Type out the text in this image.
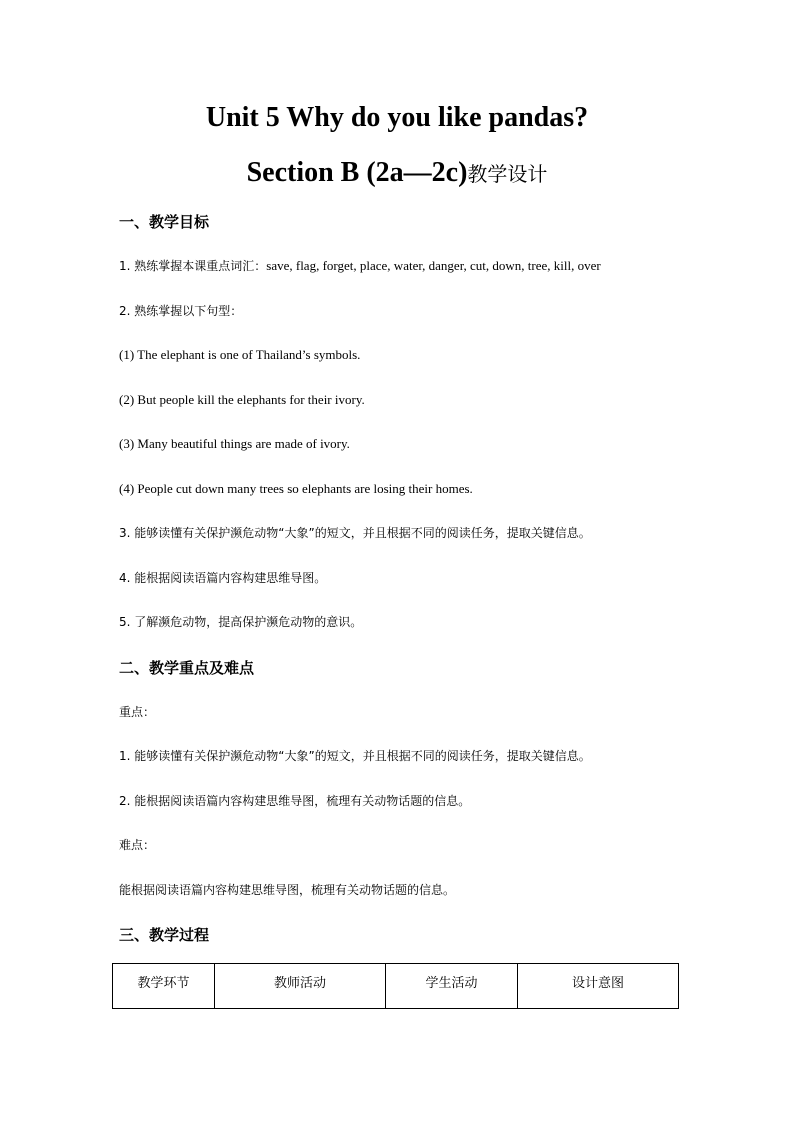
Unit 5 Why do you like pandas?
Section B (2a—2c)教学设计
一、教学目标
1. 熟练掌握本课重点词汇：save, flag, forget, place, water, danger, cut, down, tree, kill, over
2. 熟练掌握以下句型：
(1) The elephant is one of Thailand’s symbols.
(2) But people kill the elephants for their ivory.
(3) Many beautiful things are made of ivory.
(4) People cut down many trees so elephants are losing their homes.
3. 能够读懂有关保护濒危动物“大象”的短文，并且根据不同的阅读任务，提取关键信息。
4. 能根据阅读语篇内容构建思维导图。
5. 了解濒危动物，提高保护濒危动物的意识。
二、教学重点及难点
重点：
1. 能够读懂有关保护濒危动物“大象”的短文，并且根据不同的阅读任务，提取关键信息。
2. 能根据阅读语篇内容构建思维导图，梳理有关动物话题的信息。
难点：
能根据阅读语篇内容构建思维导图，梳理有关动物话题的信息。
三、教学过程
教学环节	教师活动	学生活动	设计意图
